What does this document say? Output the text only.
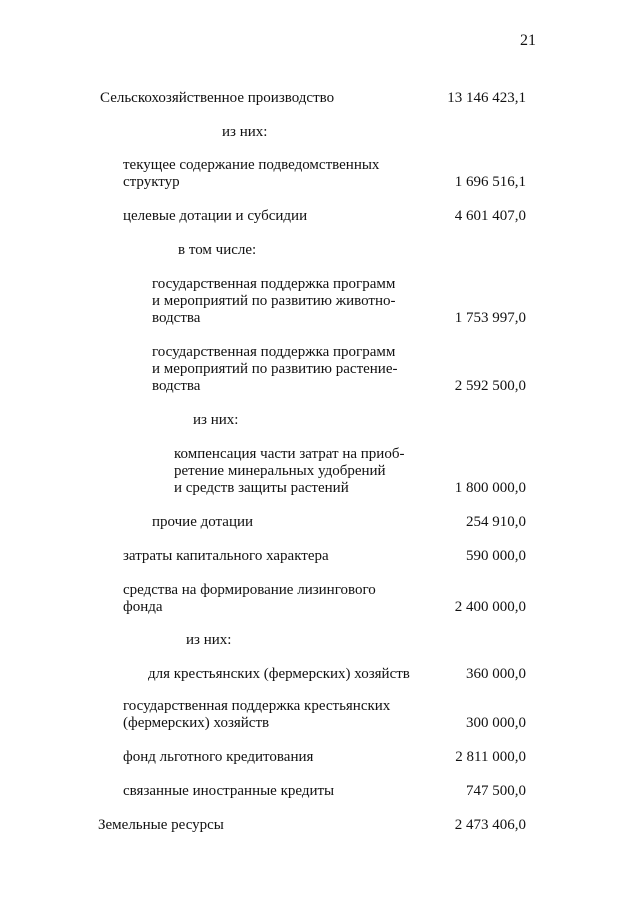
21
Сельскохозяйственное производство	13 146 423,1
из них:
текущее содержание подведомственных
структур	1 696 516,1
целевые дотации и субсидии	4 601 407,0
в том числе:
государственная поддержка программ
и мероприятий по развитию животно-
водства	1 753 997,0
государственная поддержка программ
и мероприятий по развитию растение-
водства	2 592 500,0
из них:
компенсация части затрат на приоб-
ретение минеральных удобрений
и средств защиты растений	1 800 000,0
прочие дотации	254 910,0
затраты капитального характера	590 000,0
средства на формирование лизингового
фонда	2 400 000,0
из них:
для крестьянских (фермерских) хозяйств	360 000,0
государственная поддержка крестьянских
(фермерских) хозяйств	300 000,0
фонд льготного кредитования	2 811 000,0
связанные иностранные кредиты	747 500,0
Земельные ресурсы	2 473 406,0
